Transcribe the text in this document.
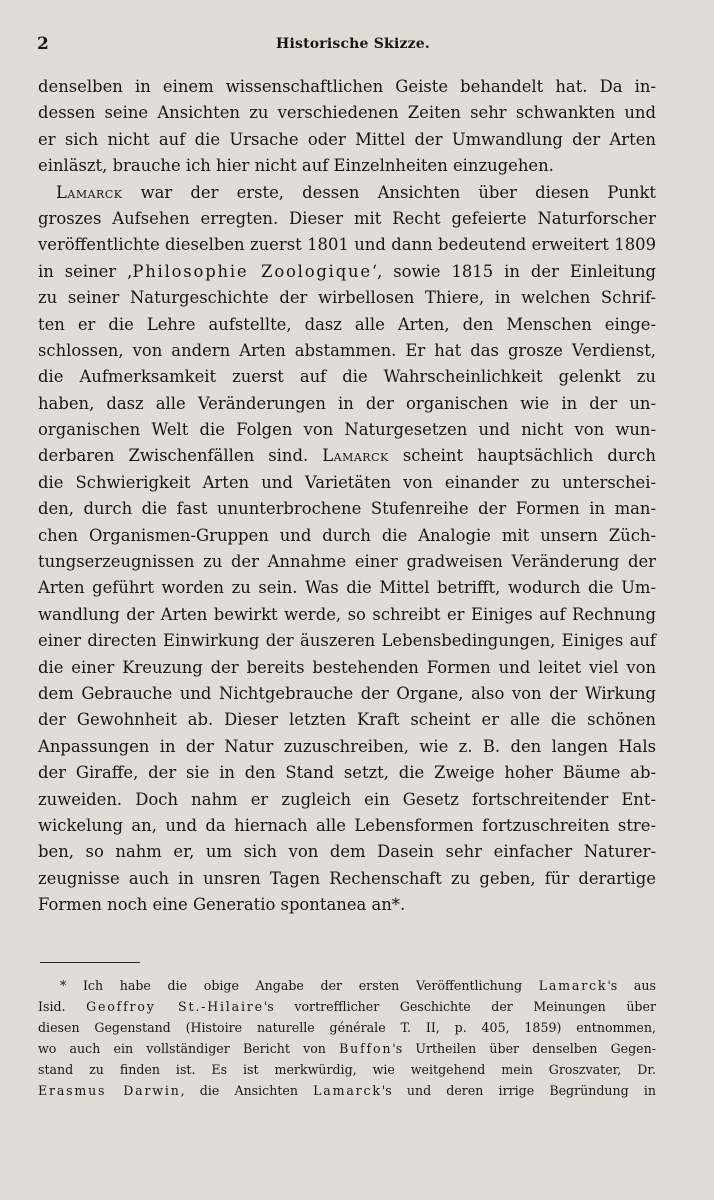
2	Historische Skizze.
denselben in einem wissenschaftlichen Geiste behandelt hat. Da in-
dessen seine Ansichten zu verschiedenen Zeiten sehr schwankten und
er sich nicht auf die Ursache oder Mittel der Umwandlung der Arten
einläszt, brauche ich hier nicht auf Einzelnheiten einzugehen.
Lamarck war der erste, dessen Ansichten über diesen Punkt
groszes Aufsehen erregten. Dieser mit Recht gefeierte Naturforscher
veröffentlichte dieselben zuerst 1801 und dann bedeutend erweitert 1809
in seiner ,Philosophie Zoologique‘, sowie 1815 in der Einleitung
zu seiner Naturgeschichte der wirbellosen Thiere, in welchen Schrif-
ten er die Lehre aufstellte, dasz alle Arten, den Menschen einge-
schlossen, von andern Arten abstammen. Er hat das grosze Verdienst,
die Aufmerksamkeit zuerst auf die Wahrscheinlichkeit gelenkt zu
haben, dasz alle Veränderungen in der organischen wie in der un-
organischen Welt die Folgen von Naturgesetzen und nicht von wun-
derbaren Zwischenfällen sind. Lamarck scheint hauptsächlich durch
die Schwierigkeit Arten und Varietäten von einander zu unterschei-
den, durch die fast ununterbrochene Stufenreihe der Formen in man-
chen Organismen-Gruppen und durch die Analogie mit unsern Züch-
tungserzeugnissen zu der Annahme einer gradweisen Veränderung der
Arten geführt worden zu sein. Was die Mittel betrifft, wodurch die Um-
wandlung der Arten bewirkt werde, so schreibt er Einiges auf Rechnung
einer directen Einwirkung der äuszeren Lebensbedingungen, Einiges auf
die einer Kreuzung der bereits bestehenden Formen und leitet viel von
dem Gebrauche und Nichtgebrauche der Organe, also von der Wirkung
der Gewohnheit ab. Dieser letzten Kraft scheint er alle die schönen
Anpassungen in der Natur zuzuschreiben, wie z. B. den langen Hals
der Giraffe, der sie in den Stand setzt, die Zweige hoher Bäume ab-
zuweiden. Doch nahm er zugleich ein Gesetz fortschreitender Ent-
wickelung an, und da hiernach alle Lebensformen fortzuschreiten stre-
ben, so nahm er, um sich von dem Dasein sehr einfacher Naturer-
zeugnisse auch in unsren Tagen Rechenschaft zu geben, für derartige
Formen noch eine Generatio spontanea an*.
* Ich habe die obige Angabe der ersten Veröffentlichung Lamarck's aus
Isid. Geoffroy St.-Hilaire's vortrefflicher Geschichte der Meinungen über
diesen Gegenstand (Histoire naturelle générale T. II, p. 405, 1859) entnommen,
wo auch ein vollständiger Bericht von Buffon's Urtheilen über denselben Gegen-
stand zu finden ist. Es ist merkwürdig, wie weitgehend mein Groszvater, Dr.
Erasmus Darwin, die Ansichten Lamarck's und deren irrige Begründung in
